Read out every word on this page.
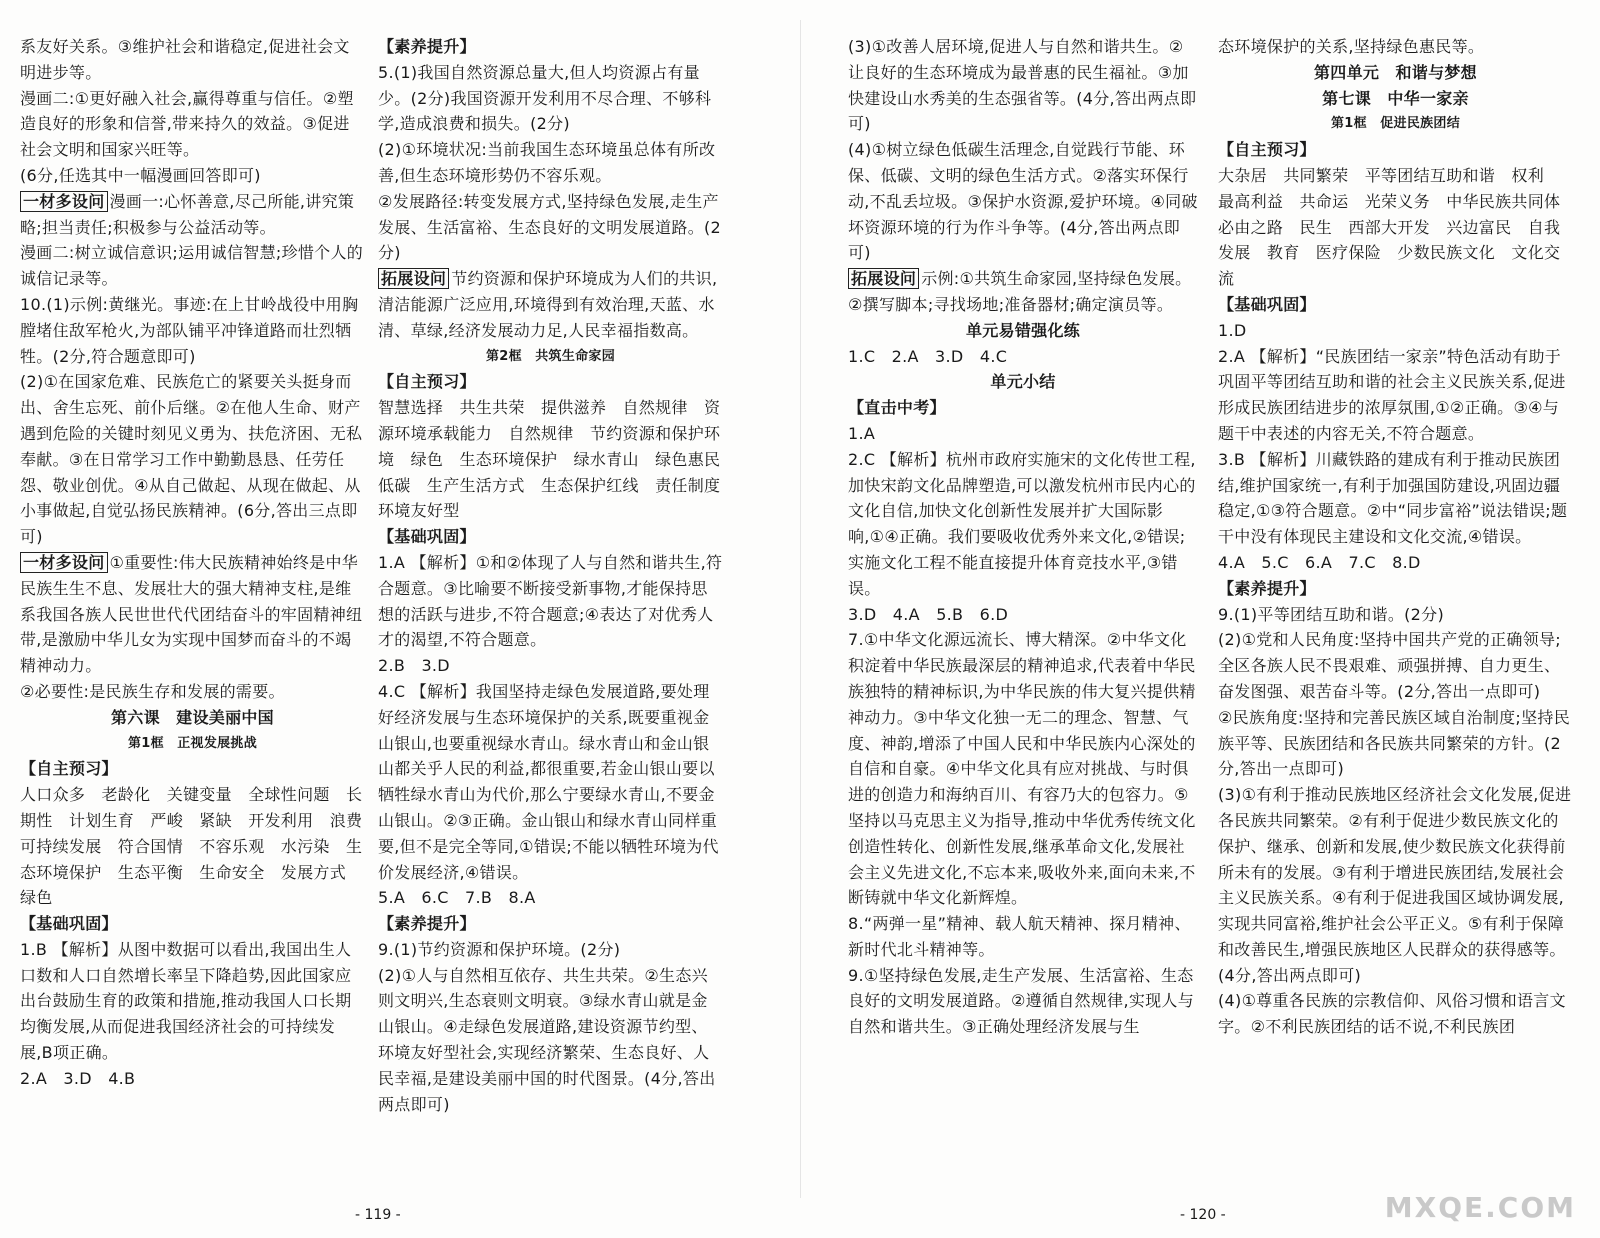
系友好关系。③维护社会和谐稳定,促进社会文明进步等。

漫画二:①更好融入社会,赢得尊重与信任。②塑造良好的形象和信誉,带来持久的效益。③促进社会文明和国家兴旺等。

(6分,任选其中一幅漫画回答即可)

一材多设问 漫画一:心怀善意,尽己所能,讲究策略;担当责任;积极参与公益活动等。

漫画二:树立诚信意识;运用诚信智慧;珍惜个人的诚信记录等。

10.(1)示例:黄继光。事迹:在上甘岭战役中用胸膛堵住敌军枪火,为部队铺平冲锋道路而壮烈牺牲。(2分,符合题意即可)

(2)①在国家危难、民族危亡的紧要关头挺身而出、舍生忘死、前仆后继。②在他人生命、财产遇到危险的关键时刻见义勇为、扶危济困、无私奉献。③在日常学习工作中勤勤恳恳、任劳任怨、敬业创优。④从自己做起、从现在做起、从小事做起,自觉弘扬民族精神。(6分,答出三点即可)

一材多设问 ①重要性:伟大民族精神始终是中华民族生生不息、发展壮大的强大精神支柱,是维系我国各族人民世世代代团结奋斗的牢固精神纽带,是激励中华儿女为实现中国梦而奋斗的不竭精神动力。

②必要性:是民族生存和发展的需要。

第六课　建设美丽中国

第1框　正视发展挑战

【自主预习】

人口众多　老龄化　关键变量　全球性问题　长期性　计划生育　严峻　紧缺　开发利用　浪费　可持续发展　符合国情　不容乐观　水污染　生态环境保护　生态平衡　生命安全　发展方式　绿色

【基础巩固】

1.B 【解析】从图中数据可以看出,我国出生人口数和人口自然增长率呈下降趋势,因此国家应出台鼓励生育的政策和措施,推动我国人口长期均衡发展,从而促进我国经济社会的可持续发展,B项正确。

2.A　3.D　4.B

【素养提升】

5.(1)我国自然资源总量大,但人均资源占有量少。(2分)我国资源开发利用不尽合理、不够科学,造成浪费和损失。(2分)

(2)①环境状况:当前我国生态环境虽总体有所改善,但生态环境形势仍不容乐观。

②发展路径:转变发展方式,坚持绿色发展,走生产发展、生活富裕、生态良好的文明发展道路。(2分)

拓展设问 节约资源和保护环境成为人们的共识,清洁能源广泛应用,环境得到有效治理,天蓝、水清、草绿,经济发展动力足,人民幸福指数高。

第2框　共筑生命家园

【自主预习】

智慧选择　共生共荣　提供滋养　自然规律　资源环境承载能力　自然规律　节约资源和保护环境　绿色　生态环境保护　绿水青山　绿色惠民　低碳　生产生活方式　生态保护红线　责任制度　环境友好型

【基础巩固】

1.A 【解析】①和②体现了人与自然和谐共生,符合题意。③比喻要不断接受新事物,才能保持思想的活跃与进步,不符合题意;④表达了对优秀人才的渴望,不符合题意。

2.B　3.D

4.C 【解析】我国坚持走绿色发展道路,要处理好经济发展与生态环境保护的关系,既要重视金山银山,也要重视绿水青山。绿水青山和金山银山都关乎人民的利益,都很重要,若金山银山要以牺牲绿水青山为代价,那么宁要绿水青山,不要金山银山。②③正确。金山银山和绿水青山同样重要,但不是完全等同,①错误;不能以牺牲环境为代价发展经济,④错误。

5.A　6.C　7.B　8.A

【素养提升】

9.(1)节约资源和保护环境。(2分)

(2)①人与自然相互依存、共生共荣。②生态兴则文明兴,生态衰则文明衰。③绿水青山就是金山银山。④走绿色发展道路,建设资源节约型、环境友好型社会,实现经济繁荣、生态良好、人民幸福,是建设美丽中国的时代图景。(4分,答出两点即可)

(3)①改善人居环境,促进人与自然和谐共生。②让良好的生态环境成为最普惠的民生福祉。③加快建设山水秀美的生态强省等。(4分,答出两点即可)

(4)①树立绿色低碳生活理念,自觉践行节能、环保、低碳、文明的绿色生活方式。②落实环保行动,不乱丢垃圾。③保护水资源,爱护环境。④同破坏资源环境的行为作斗争等。(4分,答出两点即可)

拓展设问 示例:①共筑生命家园,坚持绿色发展。②撰写脚本;寻找场地;准备器材;确定演员等。

单元易错强化练

1.C　2.A　3.D　4.C

单元小结

【直击中考】

1.A

2.C 【解析】杭州市政府实施宋的文化传世工程,加快宋韵文化品牌塑造,可以激发杭州市民内心的文化自信,加快文化创新性发展并扩大国际影响,①④正确。我们要吸收优秀外来文化,②错误;实施文化工程不能直接提升体育竞技水平,③错误。

3.D　4.A　5.B　6.D

7.①中华文化源远流长、博大精深。②中华文化积淀着中华民族最深层的精神追求,代表着中华民族独特的精神标识,为中华民族的伟大复兴提供精神动力。③中华文化独一无二的理念、智慧、气度、神韵,增添了中国人民和中华民族内心深处的自信和自豪。④中华文化具有应对挑战、与时俱进的创造力和海纳百川、有容乃大的包容力。⑤坚持以马克思主义为指导,推动中华优秀传统文化创造性转化、创新性发展,继承革命文化,发展社会主义先进文化,不忘本来,吸收外来,面向未来,不断铸就中华文化新辉煌。

8.“两弹一星”精神、载人航天精神、探月精神、新时代北斗精神等。

9.①坚持绿色发展,走生产发展、生活富裕、生态良好的文明发展道路。②遵循自然规律,实现人与自然和谐共生。③正确处理经济发展与生

态环境保护的关系,坚持绿色惠民等。

第四单元　和谐与梦想

第七课　中华一家亲

第1框　促进民族团结

【自主预习】

大杂居　共同繁荣　平等团结互助和谐　权利　最高利益　共命运　光荣义务　中华民族共同体　必由之路　民生　西部大开发　兴边富民　自我发展　教育　医疗保险　少数民族文化　文化交流

【基础巩固】

1.D

2.A 【解析】“民族团结一家亲”特色活动有助于巩固平等团结互助和谐的社会主义民族关系,促进形成民族团结进步的浓厚氛围,①②正确。③④与题干中表述的内容无关,不符合题意。

3.B 【解析】川藏铁路的建成有利于推动民族团结,维护国家统一,有利于加强国防建设,巩固边疆稳定,①③符合题意。②中“同步富裕”说法错误;题干中没有体现民主建设和文化交流,④错误。

4.A　5.C　6.A　7.C　8.D

【素养提升】

9.(1)平等团结互助和谐。(2分)

(2)①党和人民角度:坚持中国共产党的正确领导;全区各族人民不畏艰难、顽强拼搏、自力更生、奋发图强、艰苦奋斗等。(2分,答出一点即可)

②民族角度:坚持和完善民族区域自治制度;坚持民族平等、民族团结和各民族共同繁荣的方针。(2分,答出一点即可)

(3)①有利于推动民族地区经济社会文化发展,促进各民族共同繁荣。②有利于促进少数民族文化的保护、继承、创新和发展,使少数民族文化获得前所未有的发展。③有利于增进民族团结,发展社会主义民族关系。④有利于促进我国区域协调发展,实现共同富裕,维护社会公平正义。⑤有利于保障和改善民生,增强民族地区人民群众的获得感等。(4分,答出两点即可)

(4)①尊重各民族的宗教信仰、风俗习惯和语言文字。②不利民族团结的话不说,不利民族团

- 119 -	- 120 -	MXQE.COM
